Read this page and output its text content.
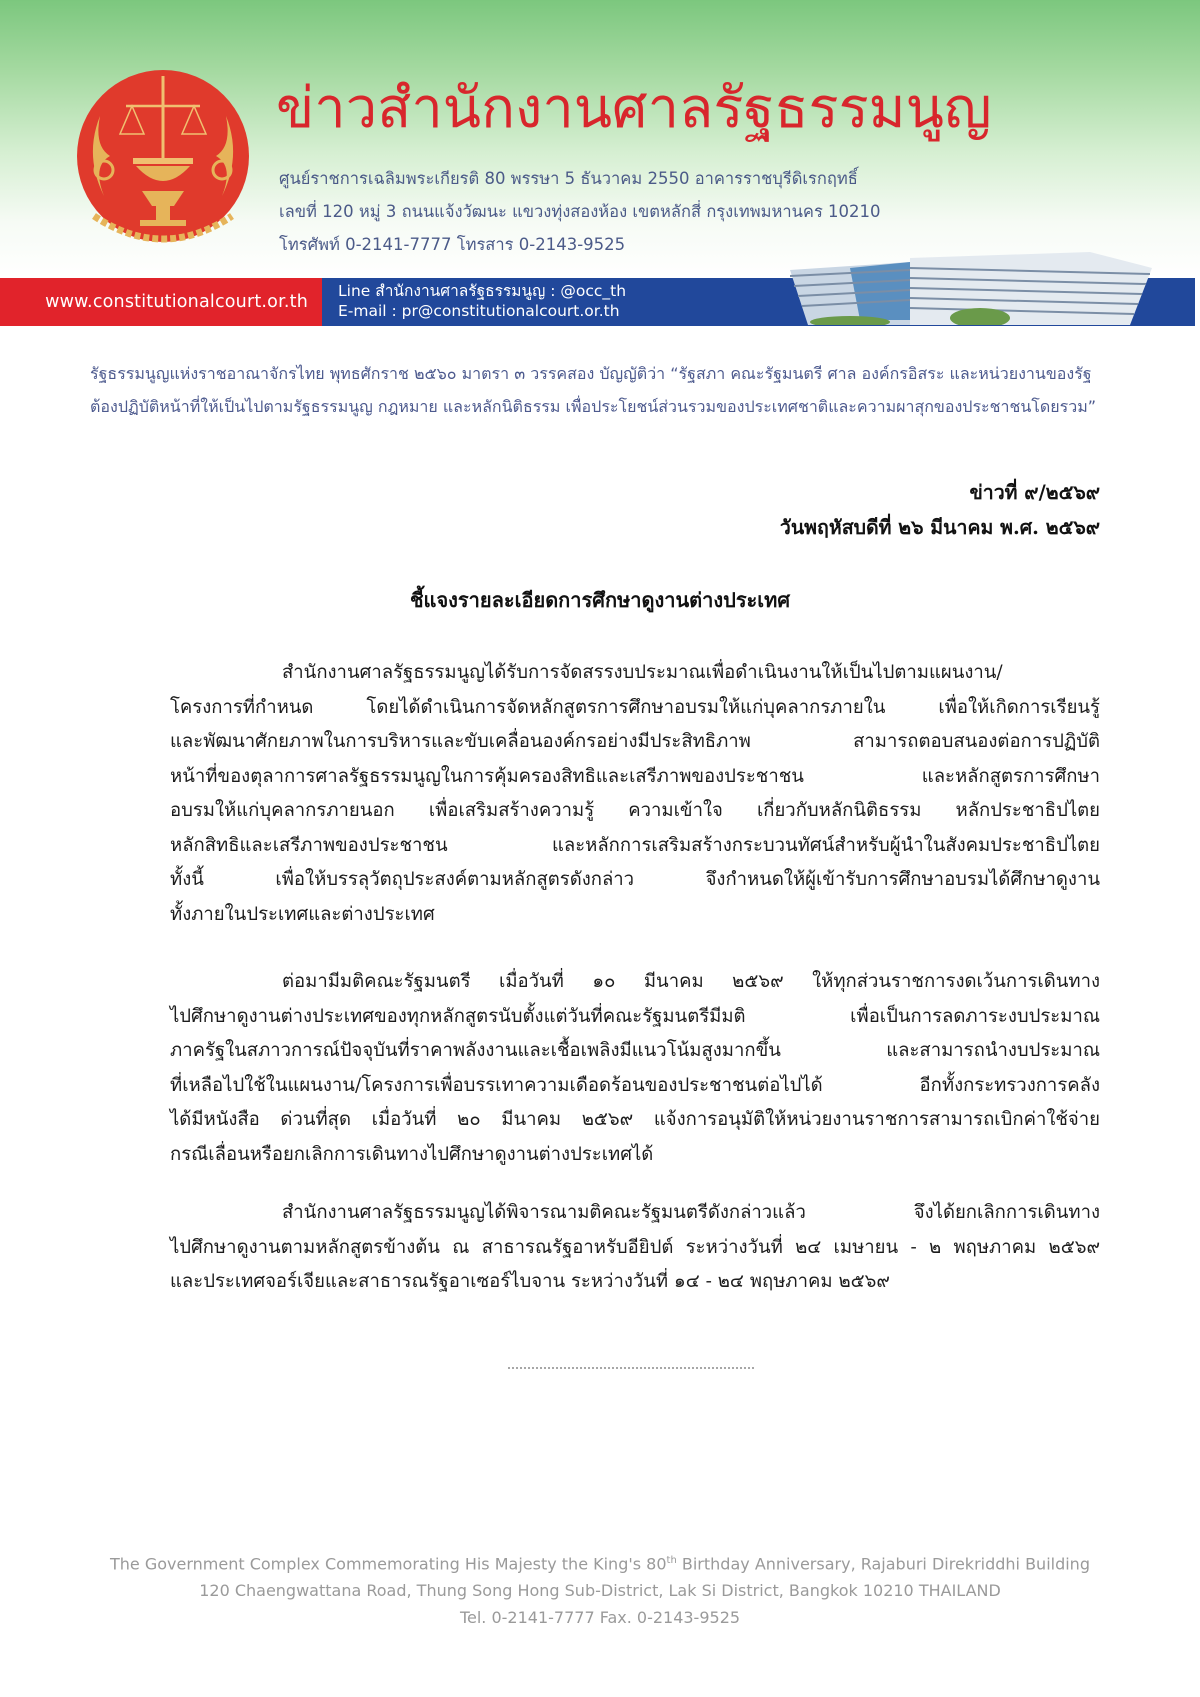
ข่าวสำนักงานศาลรัฐธรรมนูญ
ศูนย์ราชการเฉลิมพระเกียรติ 80 พรรษา 5 ธันวาคม 2550 อาคารราชบุรีดิเรกฤทธิ์
เลขที่ 120 หมู่ 3 ถนนแจ้งวัฒนะ แขวงทุ่งสองห้อง เขตหลักสี่ กรุงเทพมหานคร 10210
โทรศัพท์ 0-2141-7777 โทรสาร 0-2143-9525
www.constitutionalcourt.or.th
Line สำนักงานศาลรัฐธรรมนูญ : @occ_th
E-mail : pr@constitutionalcourt.or.th
รัฐธรรมนูญแห่งราชอาณาจักรไทย พุทธศักราช ๒๕๖๐ มาตรา ๓ วรรคสอง บัญญัติว่า “รัฐสภา คณะรัฐมนตรี ศาล องค์กรอิสระ และหน่วยงานของรัฐ
ต้องปฏิบัติหน้าที่ให้เป็นไปตามรัฐธรรมนูญ กฎหมาย และหลักนิติธรรม เพื่อประโยชน์ส่วนรวมของประเทศชาติและความผาสุกของประชาชนโดยรวม”
ข่าวที่ ๙/๒๕๖๙
วันพฤหัสบดีที่ ๒๖ มีนาคม พ.ศ. ๒๕๖๙
ชี้แจงรายละเอียดการศึกษาดูงานต่างประเทศ
สำนักงานศาลรัฐธรรมนูญได้รับการจัดสรรงบประมาณเพื่อดำเนินงานให้เป็นไปตามแผนงาน/
โครงการที่กำหนด โดยได้ดำเนินการจัดหลักสูตรการศึกษาอบรมให้แก่บุคลากรภายใน เพื่อให้เกิดการเรียนรู้
และพัฒนาศักยภาพในการบริหารและขับเคลื่อนองค์กรอย่างมีประสิทธิภาพ สามารถตอบสนองต่อการปฏิบัติ
หน้าที่ของตุลาการศาลรัฐธรรมนูญในการคุ้มครองสิทธิและเสรีภาพของประชาชน และหลักสูตรการศึกษา
อบรมให้แก่บุคลากรภายนอก เพื่อเสริมสร้างความรู้ ความเข้าใจ เกี่ยวกับหลักนิติธรรม หลักประชาธิปไตย
หลักสิทธิและเสรีภาพของประชาชน และหลักการเสริมสร้างกระบวนทัศน์สำหรับผู้นำในสังคมประชาธิปไตย
ทั้งนี้ เพื่อให้บรรลุวัตถุประสงค์ตามหลักสูตรดังกล่าว จึงกำหนดให้ผู้เข้ารับการศึกษาอบรมได้ศึกษาดูงาน
ทั้งภายในประเทศและต่างประเทศ
ต่อมามีมติคณะรัฐมนตรี เมื่อวันที่ ๑๐ มีนาคม ๒๕๖๙ ให้ทุกส่วนราชการงดเว้นการเดินทาง
ไปศึกษาดูงานต่างประเทศของทุกหลักสูตรนับตั้งแต่วันที่คณะรัฐมนตรีมีมติ เพื่อเป็นการลดภาระงบประมาณ
ภาครัฐในสภาวการณ์ปัจจุบันที่ราคาพลังงานและเชื้อเพลิงมีแนวโน้มสูงมากขึ้น และสามารถนำงบประมาณ
ที่เหลือไปใช้ในแผนงาน/โครงการเพื่อบรรเทาความเดือดร้อนของประชาชนต่อไปได้ อีกทั้งกระทรวงการคลัง
ได้มีหนังสือ ด่วนที่สุด เมื่อวันที่ ๒๐ มีนาคม ๒๕๖๙ แจ้งการอนุมัติให้หน่วยงานราชการสามารถเบิกค่าใช้จ่าย
กรณีเลื่อนหรือยกเลิกการเดินทางไปศึกษาดูงานต่างประเทศได้
สำนักงานศาลรัฐธรรมนูญได้พิจารณามติคณะรัฐมนตรีดังกล่าวแล้ว จึงได้ยกเลิกการเดินทาง
ไปศึกษาดูงานตามหลักสูตรข้างต้น ณ สาธารณรัฐอาหรับอียิปต์ ระหว่างวันที่ ๒๔ เมษายน - ๒ พฤษภาคม ๒๕๖๙
และประเทศจอร์เจียและสาธารณรัฐอาเซอร์ไบจาน ระหว่างวันที่ ๑๔ - ๒๔ พฤษภาคม ๒๕๖๙
The Government Complex Commemorating His Majesty the King's 80th Birthday Anniversary, Rajaburi Direkriddhi Building
120 Chaengwattana Road, Thung Song Hong Sub-District, Lak Si District, Bangkok 10210 THAILAND
Tel. 0-2141-7777 Fax. 0-2143-9525
